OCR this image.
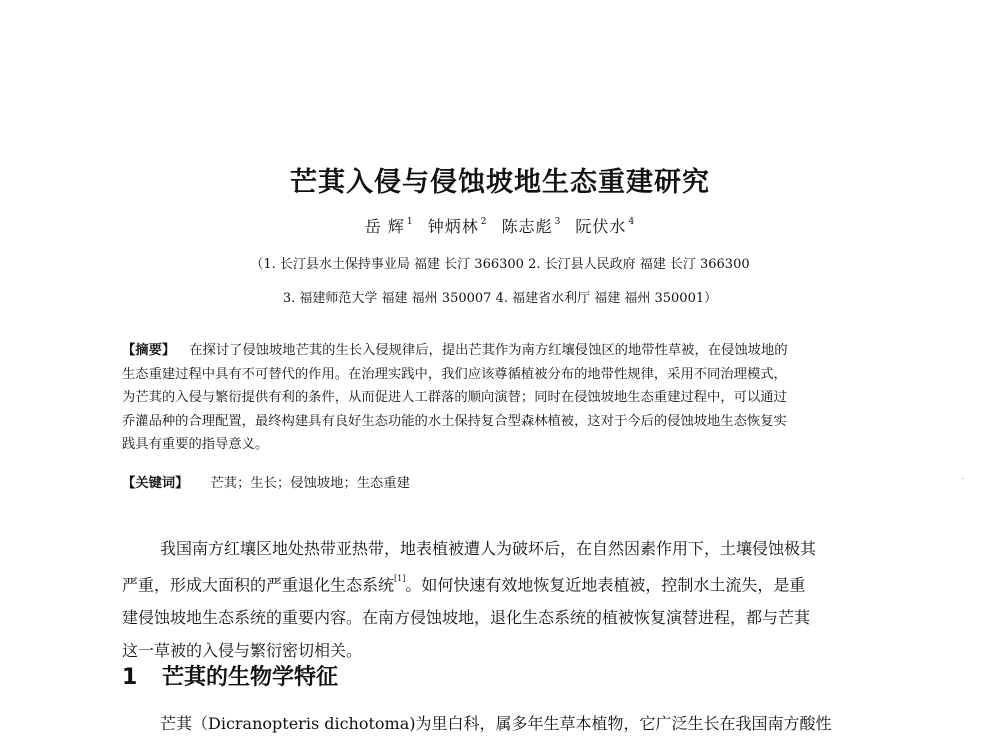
芒萁入侵与侵蚀坡地生态重建研究
岳 辉 $^1$ 钟炳林 $^2$ 陈志彪 $^3$ 阮伏水 $^4$
（1. 长汀县水土保持事业局 福建 长汀 366300 2. 长汀县人民政府 福建 长汀 366300
3. 福建师范大学 福建 福州 350007 4. 福建省水利厅 福建 福州 350001）
【摘要】 在探讨了侵蚀坡地芒萁的生长入侵规律后，提出芒萁作为南方红壤侵蚀区的地带性草被，在侵蚀坡地的
生态重建过程中具有不可替代的作用。在治理实践中，我们应该尊循植被分布的地带性规律，采用不同治理模式，
为芒萁的入侵与繁衍提供有利的条件，从而促进人工群落的顺向演替；同时在侵蚀坡地生态重建过程中，可以通过
乔灌品种的合理配置，最终构建具有良好生态功能的水土保持复合型森林植被，这对于今后的侵蚀坡地生态恢复实
践具有重要的指导意义。
【关键词】 芒萁；生长；侵蚀坡地；生态重建
我国南方红壤区地处热带亚热带，地表植被遭人为破坏后，在自然因素作用下，土壤侵蚀极其
严重，形成大面积的严重退化生态系统[1]。如何快速有效地恢复近地表植被，控制水土流失，是重
建侵蚀坡地生态系统的重要内容。在南方侵蚀坡地，退化生态系统的植被恢复演替进程，都与芒萁
这一草被的入侵与繁衍密切相关。
1 芒萁的生物学特征
芒萁（Dicranopteris dichotoma)为里白科，属多年生草本植物，它广泛生长在我国南方酸性
